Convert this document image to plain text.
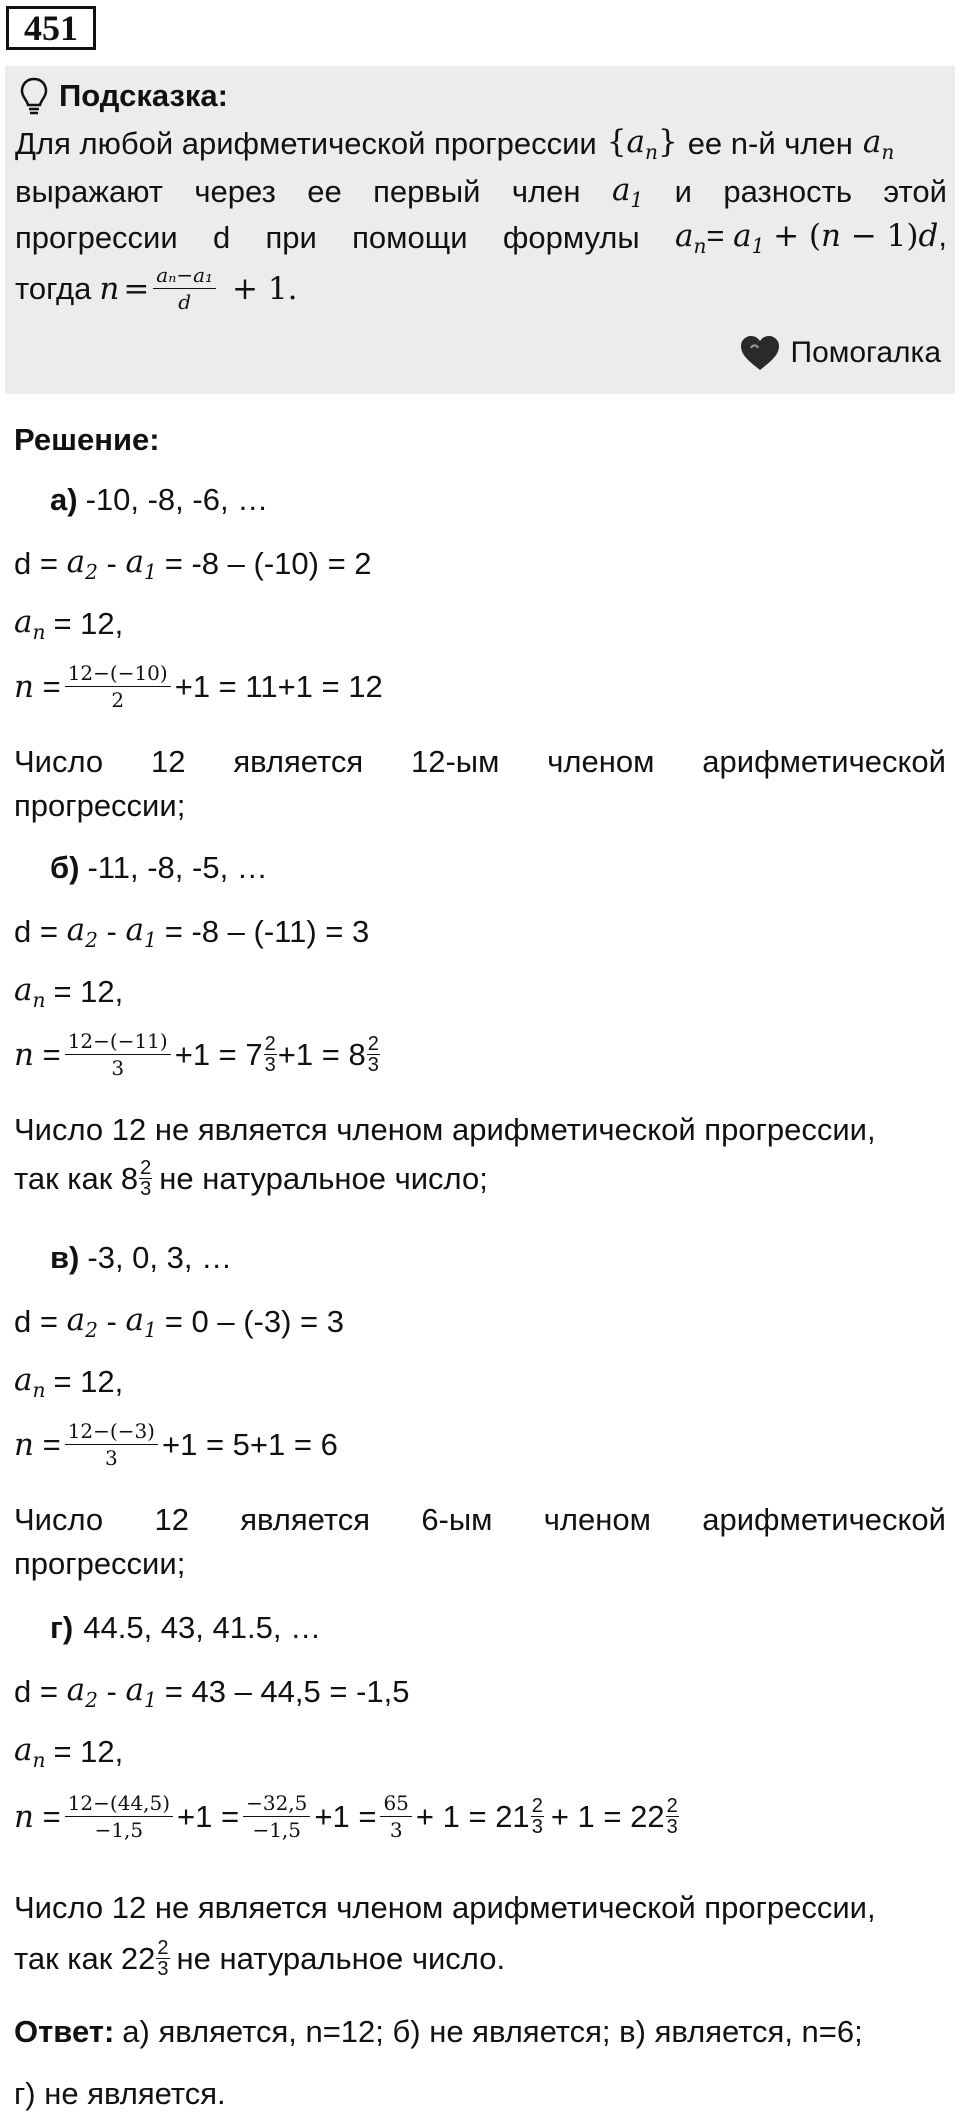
451
Подсказка:
Для любой арифметической прогрессии $\{a_n\}$ ее n-й член $a_n$
выражают через ее первый член $a_1$ и разность этой
прогрессии d при помощи формулы $a_n= a_1 + (n - 1)d$,
тогда $n = \frac{\text{aₙ−a₁}}{d} + 1$.
Помогалка
Решение:
а) -10, -8, -6, …
$d = a_2 - a_1 = -8 - (-10) = 2$
$a_n = 12$,
$n = \frac{12-(-10)}{2} +1 = 11+1 = 12$
Число 12 является 12-ым членом арифметической
прогрессии;
б) -11, -8, -5, …
$d = a_2 - a_1 = -8 - (-11) = 3$
$a_n = 12$,
$n = \frac{12-(-11)}{3} +1 = 7$ 2
3 +1 = 8 2
3
Число 12 не является членом арифметической прогрессии,
так как 8 2
3 не натуральное число;
в) -3, 0, 3, …
$d = a_2 - a_1 = 0 - (-3) = 3$
$a_n = 12$,
$n = \frac{12-(-3)}{3} +1 = 5+1 = 6$
Число 12 является 6-ым членом арифметической
прогрессии;
г) 44.5, 43, 41.5, …
$d = a_2 - a_1 = 43 - 44,5 = -1,5$
$a_n = 12$,
$n = \frac{12-(44,5)}{-1,5} +1 = \frac{-32,5}{-1,5} +1 = \frac{65}{3} + 1 = 21$ 2
3 + 1 = 22 2
3
Число 12 не является членом арифметической прогрессии,
так как 22 2
3 не натуральное число.
Ответ: а) является, n=12; б) не является; в) является, n=6;
г) не является.
